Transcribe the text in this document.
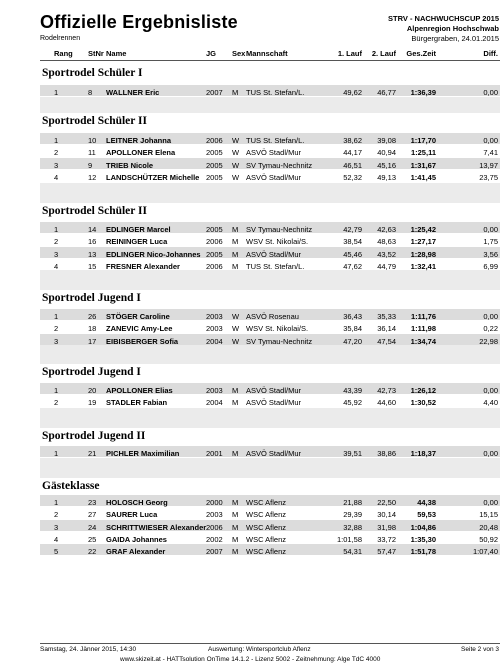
Offizielle Ergebnisliste
Rodelrennen
STRV - NACHWUCHSCUP 2015
Alpenregion Hochschwab
Bürgergraben, 24.01.2015
Rang StNr Name	JG Sex Mannschaft	1. Lauf 2. Lauf Ges.Zeit	Diff.
Sportrodel Schüler I
1	8 WALLNER Eric	2007 M TUS St. Stefan/L.	49,62 46,77 1:36,39	0,00
Sportrodel Schüler II
1	10 LEITNER Johanna	2006 W TUS St. Stefan/L.	38,62 39,08 1:17,70	0,00
2	11 APOLLONER Elena	2005 W ASVÖ Stadl/Mur	44,17 40,94 1:25,11	7,41
3	9 TRIEB Nicole	2005 W SV Tymau-Nechnitz	46,51 45,16 1:31,67	13,97
4	12 LANDSCHÜTZER Michelle 2005 W ASVÖ Stadl/Mur	52,32 49,13 1:41,45	23,75
Sportrodel Schüler II
1	14 EDLINGER Marcel	2005 M SV Tymau-Nechnitz	42,79 42,63 1:25,42	0,00
2	16 REININGER Luca	2006 M WSV St. Nikolai/S.	38,54 48,63 1:27,17	1,75
3	13 EDLINGER Nico-Johannes 2005 M ASVÖ Stadl/Mur	45,46 43,52 1:28,98	3,56
4	15 FRESNER Alexander	2006 M TUS St. Stefan/L.	47,62 44,79 1:32,41	6,99
Sportrodel Jugend I
1	26 STÖGER Caroline	2003 W ASVÖ Rosenau	36,43 35,33 1:11,76	0,00
2	18 ZANEVIC Amy-Lee	2003 W WSV St. Nikolai/S.	35,84 36,14 1:11,98	0,22
3	17 EIBISBERGER Sofia	2004 W SV Tymau-Nechnitz	47,20 47,54 1:34,74	22,98
Sportrodel Jugend I
1	20 APOLLONER Elias	2003 M ASVÖ Stadl/Mur	43,39 42,73 1:26,12	0,00
2	19 STADLER Fabian	2004 M ASVÖ Stadl/Mur	45,92 44,60 1:30,52	4,40
Sportrodel Jugend II
1	21 PICHLER Maximilian	2001 M ASVÖ Stadl/Mur	39,51 38,86 1:18,37	0,00
Gästeklasse
1	23 HOLOSCH Georg	2000 M WSC Aflenz	21,88 22,50	44,38	0,00
2	27 SAURER Luca	2003 M WSC Aflenz	29,39 30,14	59,53	15,15
3	24 SCHRITTWIESER Alexander 2006 M WSC Aflenz	32,88 31,98 1:04,86	20,48
4	25 GAIDA Johannes	2002 M WSC Aflenz	1:01,58 33,72 1:35,30	50,92
5	22 GRAF Alexander	2007 M WSC Aflenz	54,31 57,47 1:51,78	1:07,40
Samstag, 24. Jänner 2015, 14:30	Auswertung: Wintersportclub Aflenz	Seite 2 von 3
www.skizeit.at - HATTsolution OnTime 14.1.2 - Lizenz 5002 - Zeitnehmung: Alge TdC 4000
